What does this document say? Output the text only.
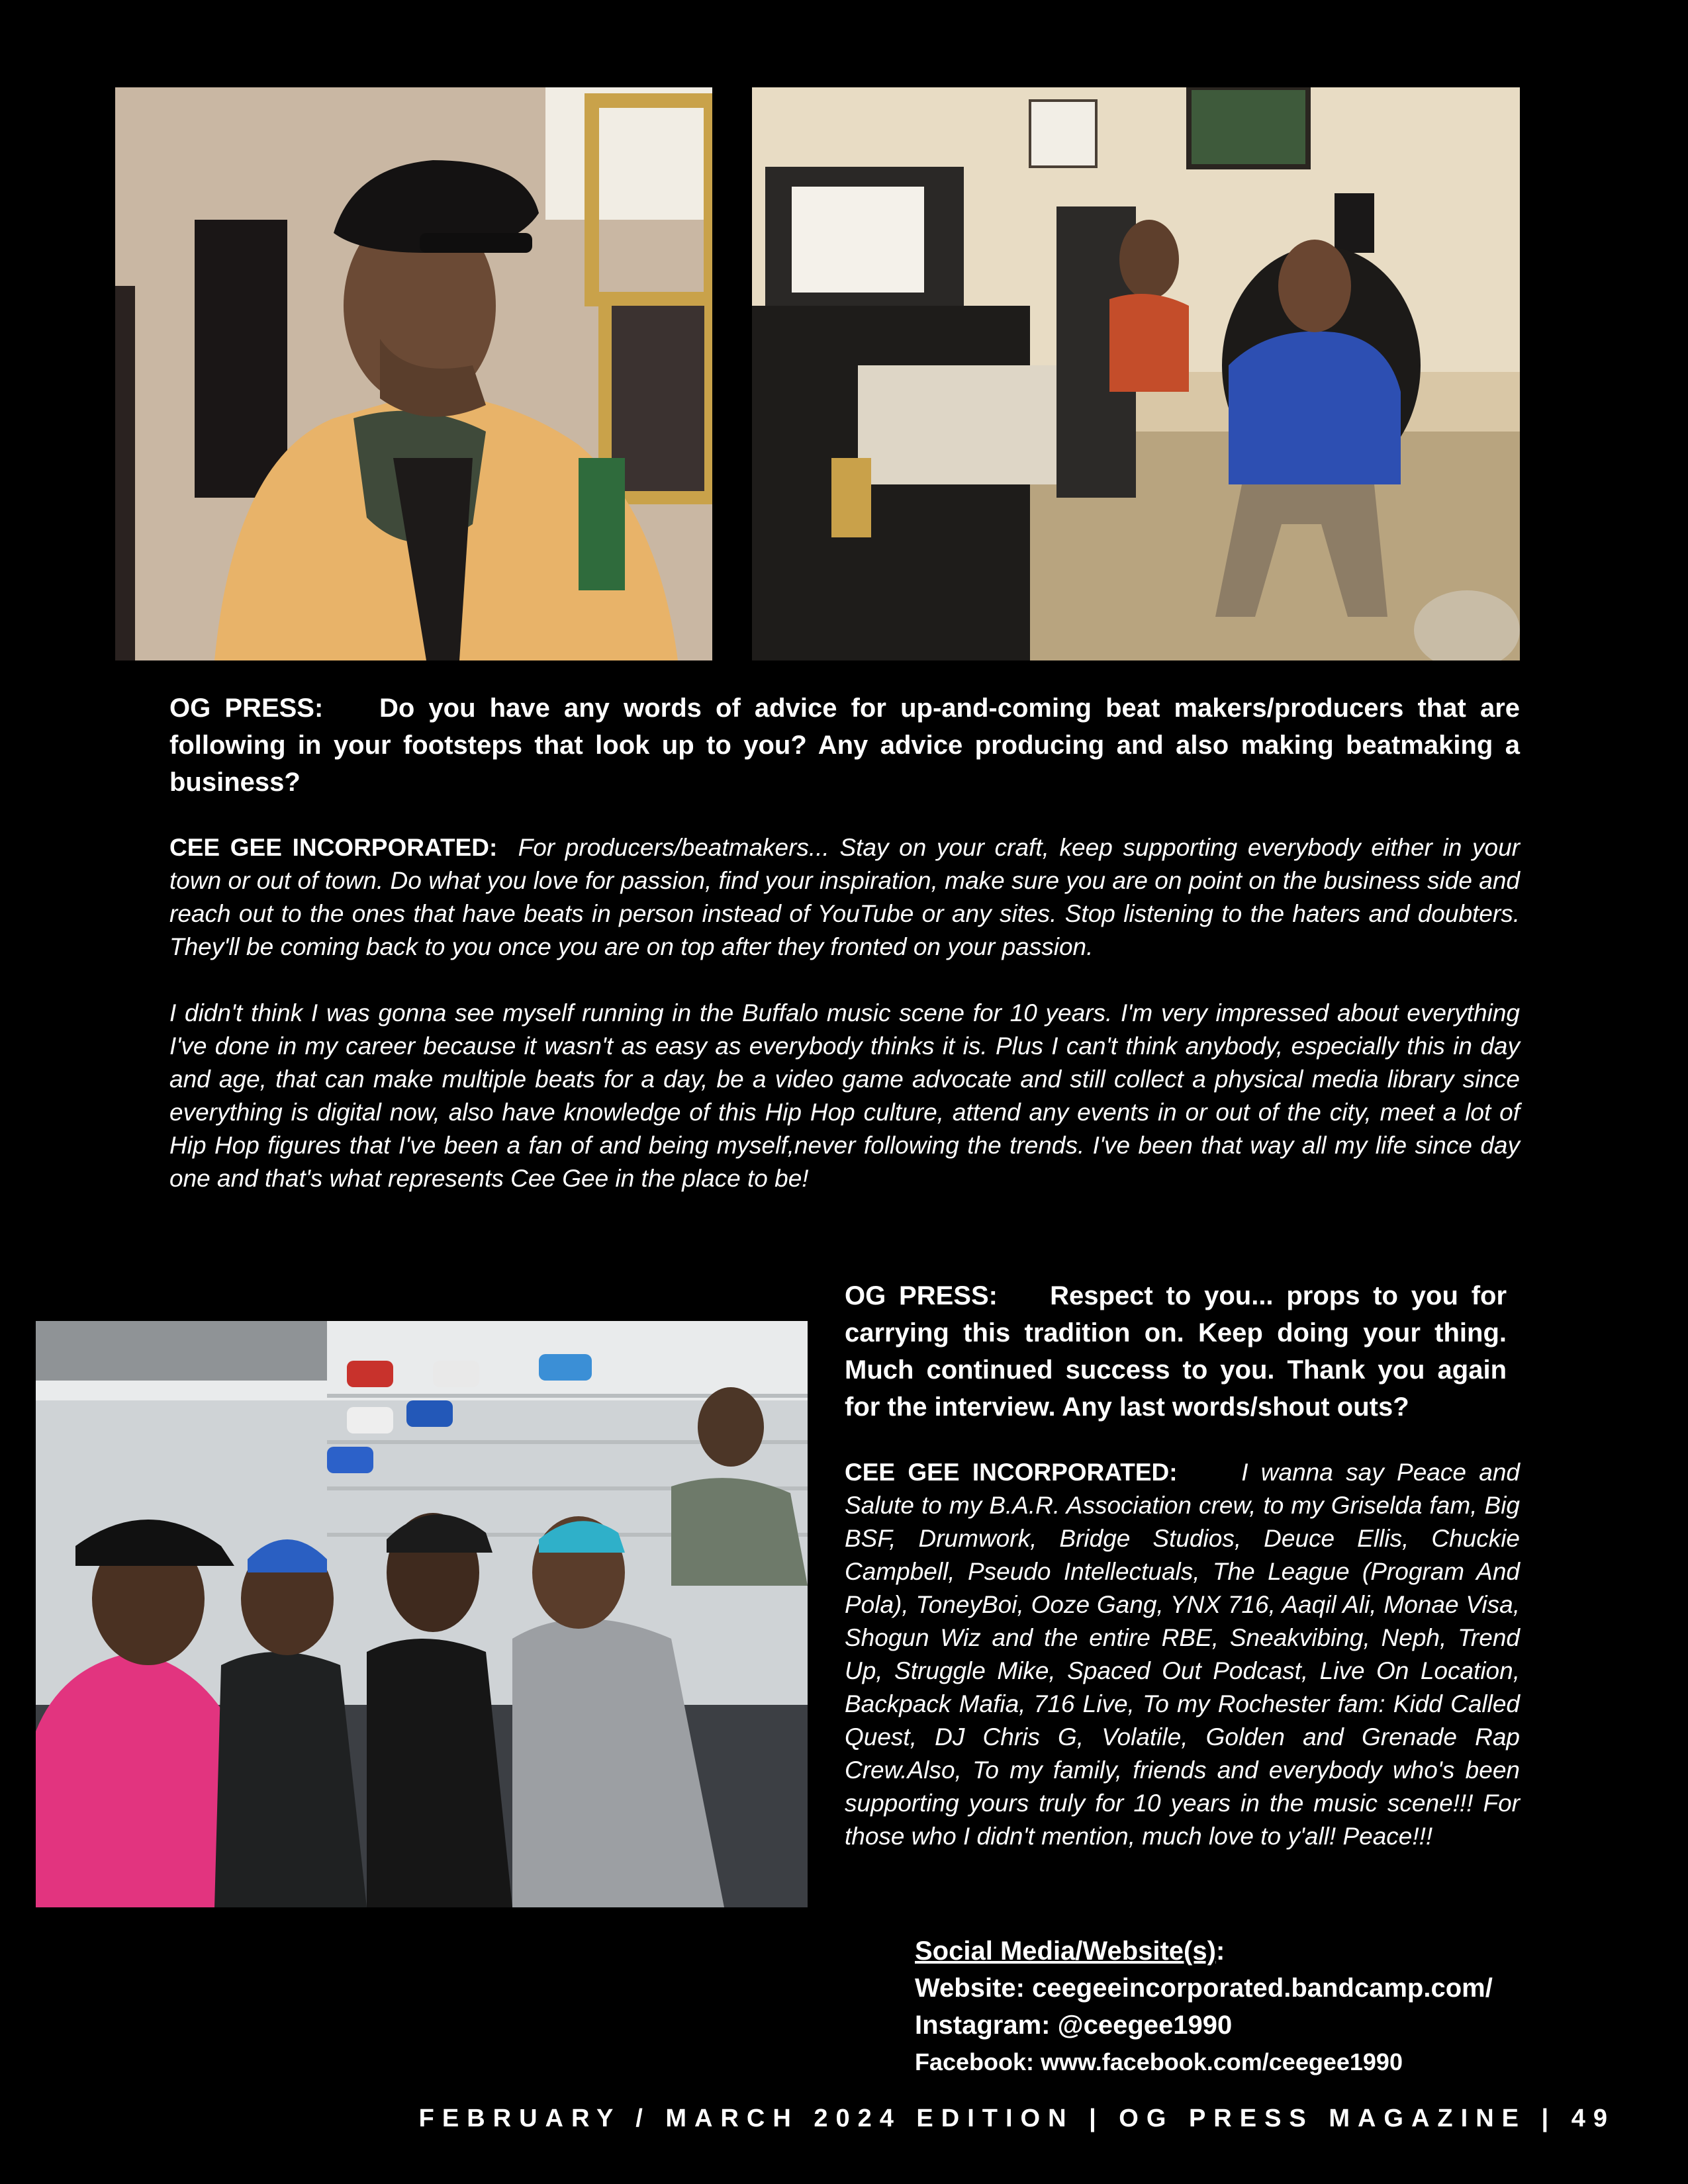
OG PRESS: Do you have any words of advice for up-and-coming beat makers/producers that are following in your footsteps that look up to you? Any advice producing and also making beatmaking a business?

CEE GEE INCORPORATED: For producers/beatmakers... Stay on your craft, keep supporting everybody either in your town or out of town. Do what you love for passion, find your inspiration, make sure you are on point on the business side and reach out to the ones that have beats in person instead of YouTube or any sites. Stop listening to the haters and doubters. They'll be coming back to you once you are on top after they fronted on your passion.

I didn't think I was gonna see myself running in the Buffalo music scene for 10 years. I'm very impressed about everything I've done in my career because it wasn't as easy as everybody thinks it is. Plus I can't think anybody, especially this in day and age, that can make multiple beats for a day, be a video game advocate and still collect a physical media library since everything is digital now, also have knowledge of this Hip Hop culture, attend any events in or out of the city, meet a lot of Hip Hop figures that I've been a fan of and being myself,never following the trends. I've been that way all my life since day one and that's what represents Cee Gee in the place to be!

OG PRESS: Respect to you... props to you for carrying this tradition on. Keep doing your thing. Much continued success to you. Thank you again for the interview. Any last words/shout outs?

CEE GEE INCORPORATED:	I wanna say Peace and Salute to my B.A.R. Association crew, to my Griselda fam, Big BSF, Drumwork, Bridge Studios, Deuce Ellis, Chuckie Campbell, Pseudo Intellectuals, The League (Program And Pola), ToneyBoi, Ooze Gang, YNX 716, Aaqil Ali, Monae Visa, Shogun Wiz and the entire RBE, Sneakvibing, Neph, Trend Up, Struggle Mike, Spaced Out Podcast, Live On Location, Backpack Mafia, 716 Live, To my Rochester fam: Kidd Called Quest, DJ Chris G, Volatile, Golden and Grenade Rap Crew.Also, To my family, friends and everybody who's been supporting yours truly for 10 years in the music scene!!! For those who I didn't mention, much love to y'all! Peace!!!

Social Media/Website(s):
Website: ceegeeincorporated.bandcamp.com/
Instagram: @ceegee1990
Facebook: www.facebook.com/ceegee1990
FEBRUARY / MARCH 2024 EDITION | OG PRESS MAGAZINE | 49
